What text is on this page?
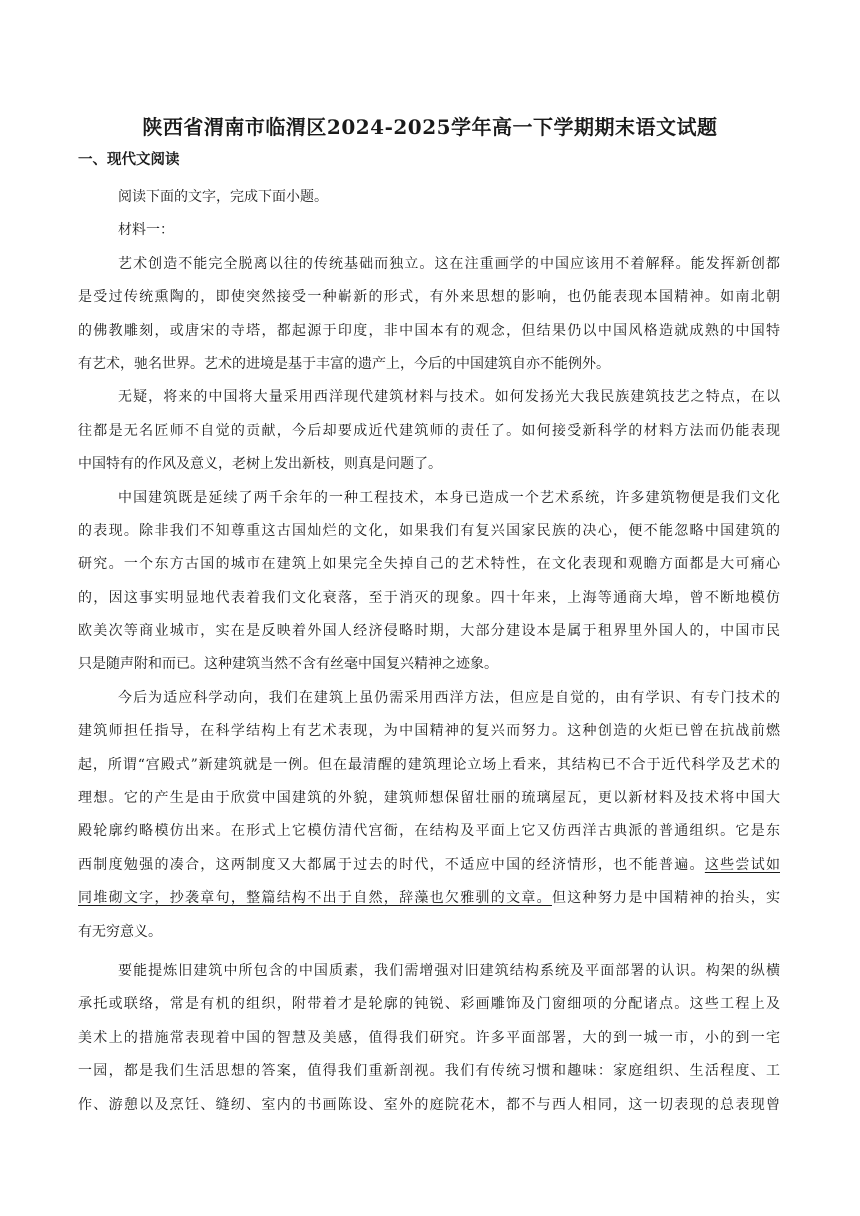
陕西省渭南市临渭区2024-2025学年高一下学期期末语文试题
一、现代文阅读
阅读下面的文字，完成下面小题。
材料一：
艺术创造不能完全脱离以往的传统基础而独立。这在注重画学的中国应该用不着解释。能发挥新创都
是受过传统熏陶的，即使突然接受一种嶄新的形式，有外来思想的影响，也仍能表现本国精神。如南北朝
的佛教雕刻，或唐宋的寺塔，都起源于印度，非中国本有的观念，但结果仍以中国风格造就成熟的中国特
有艺术，驰名世界。艺术的进境是基于丰富的遗产上，今后的中国建筑自亦不能例外。
无疑，将来的中国将大量采用西洋现代建筑材料与技术。如何发扬光大我民族建筑技艺之特点，在以
往都是无名匠师不自觉的贡献，今后却要成近代建筑师的责任了。如何接受新科学的材料方法而仍能表现
中国特有的作风及意义，老树上发出新枝，则真是问题了。
中国建筑既是延续了两千余年的一种工程技术，本身已造成一个艺术系统，许多建筑物便是我们文化
的表现。除非我们不知尊重这古国灿烂的文化，如果我们有复兴国家民族的决心，便不能忽略中国建筑的
研究。一个东方古国的城市在建筑上如果完全失掉自己的艺术特性，在文化表现和观瞻方面都是大可痛心
的，因这事实明显地代表着我们文化衰落，至于消灭的现象。四十年来，上海等通商大埠，曾不断地模仿
欧美次等商业城市，实在是反映着外国人经济侵略时期，大部分建设本是属于租界里外国人的，中国市民
只是随声附和而已。这种建筑当然不含有丝毫中国复兴精神之迹象。
今后为适应科学动向，我们在建筑上虽仍需采用西洋方法，但应是自觉的，由有学识、有专门技术的
建筑师担任指导，在科学结构上有艺术表现，为中国精神的复兴而努力。这种创造的火炬已曾在抗战前燃
起，所谓“宫殿式”新建筑就是一例。但在最清醒的建筑理论立场上看来，其结构已不合于近代科学及艺术的
理想。它的产生是由于欣赏中国建筑的外貌，建筑师想保留壮丽的琉璃屋瓦，更以新材料及技术将中国大
殿轮廓约略模仿出来。在形式上它模仿清代宫衙，在结构及平面上它又仿西洋古典派的普通组织。它是东
西制度勉强的凑合，这两制度又大都属于过去的时代，不适应中国的经济情形，也不能普遍。这些尝试如
同堆砌文字，抄袭章句，整篇结构不出于自然，辞藻也欠雅驯的文章。但这种努力是中国精神的抬头，实
有无穷意义。
要能提炼旧建筑中所包含的中国质素，我们需增强对旧建筑结构系统及平面部署的认识。构架的纵横
承托或联络，常是有机的组织，附带着才是轮廓的钝锐、彩画雕饰及门窗细项的分配诸点。这些工程上及
美术上的措施常表现着中国的智慧及美感，值得我们研究。许多平面部署，大的到一城一市，小的到一宅
一园，都是我们生活思想的答案，值得我们重新剖视。我们有传统习惯和趣味：家庭组织、生活程度、工
作、游憩以及烹饪、缝纫、室内的书画陈设、室外的庭院花木，都不与西人相同，这一切表现的总表现曾
